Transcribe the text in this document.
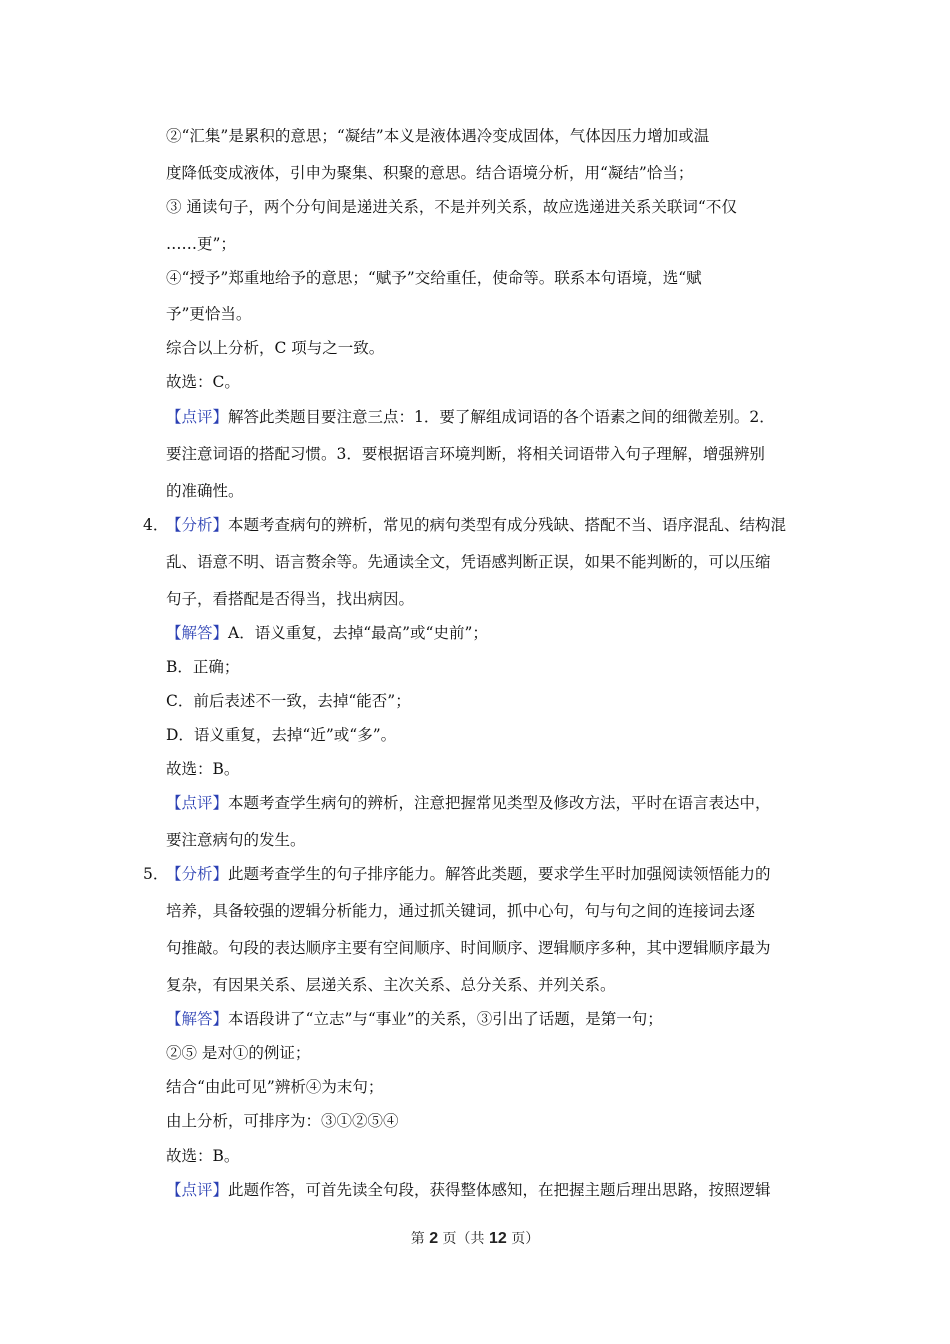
②“汇集”是累积的意思；“凝结”本义是液体遇冷变成固体，气体因压力增加或温
度降低变成液体，引申为聚集、积聚的意思。结合语境分析，用“凝结”恰当；
③ 通读句子，两个分句间是递进关系，不是并列关系，故应选递进关系关联词“不仅
……更”；
④“授予”郑重地给予的意思；“赋予”交给重任，使命等。联系本句语境，选“赋
予”更恰当。
综合以上分析，C 项与之一致。
故选：C。
【点评】解答此类题目要注意三点：1．要了解组成词语的各个语素之间的细微差别。2．
要注意词语的搭配习惯。3．要根据语言环境判断，将相关词语带入句子理解，增强辨别
的准确性。
4．
【分析】本题考查病句的辨析，常见的病句类型有成分残缺、搭配不当、语序混乱、结构混
乱、语意不明、语言赘余等。先通读全文，凭语感判断正误，如果不能判断的，可以压缩
句子，看搭配是否得当，找出病因。
【解答】A．语义重复，去掉“最高”或“史前”；
B．正确；
C．前后表述不一致，去掉“能否”；
D．语义重复，去掉“近”或“多”。
故选：B。
【点评】本题考查学生病句的辨析，注意把握常见类型及修改方法，平时在语言表达中，
要注意病句的发生。
5．
【分析】此题考查学生的句子排序能力。解答此类题，要求学生平时加强阅读领悟能力的
培养，具备较强的逻辑分析能力，通过抓关键词，抓中心句，句与句之间的连接词去逐
句推敲。句段的表达顺序主要有空间顺序、时间顺序、逻辑顺序多种，其中逻辑顺序最为
复杂，有因果关系、层递关系、主次关系、总分关系、并列关系。
【解答】本语段讲了“立志”与“事业”的关系，③引出了话题，是第一句；
②⑤ 是对①的例证；
结合“由此可见”辨析④为末句；
由上分析，可排序为：③①②⑤④
故选：B。
【点评】此题作答，可首先读全句段，获得整体感知，在把握主题后理出思路，按照逻辑
第 2 页（共 12 页）
